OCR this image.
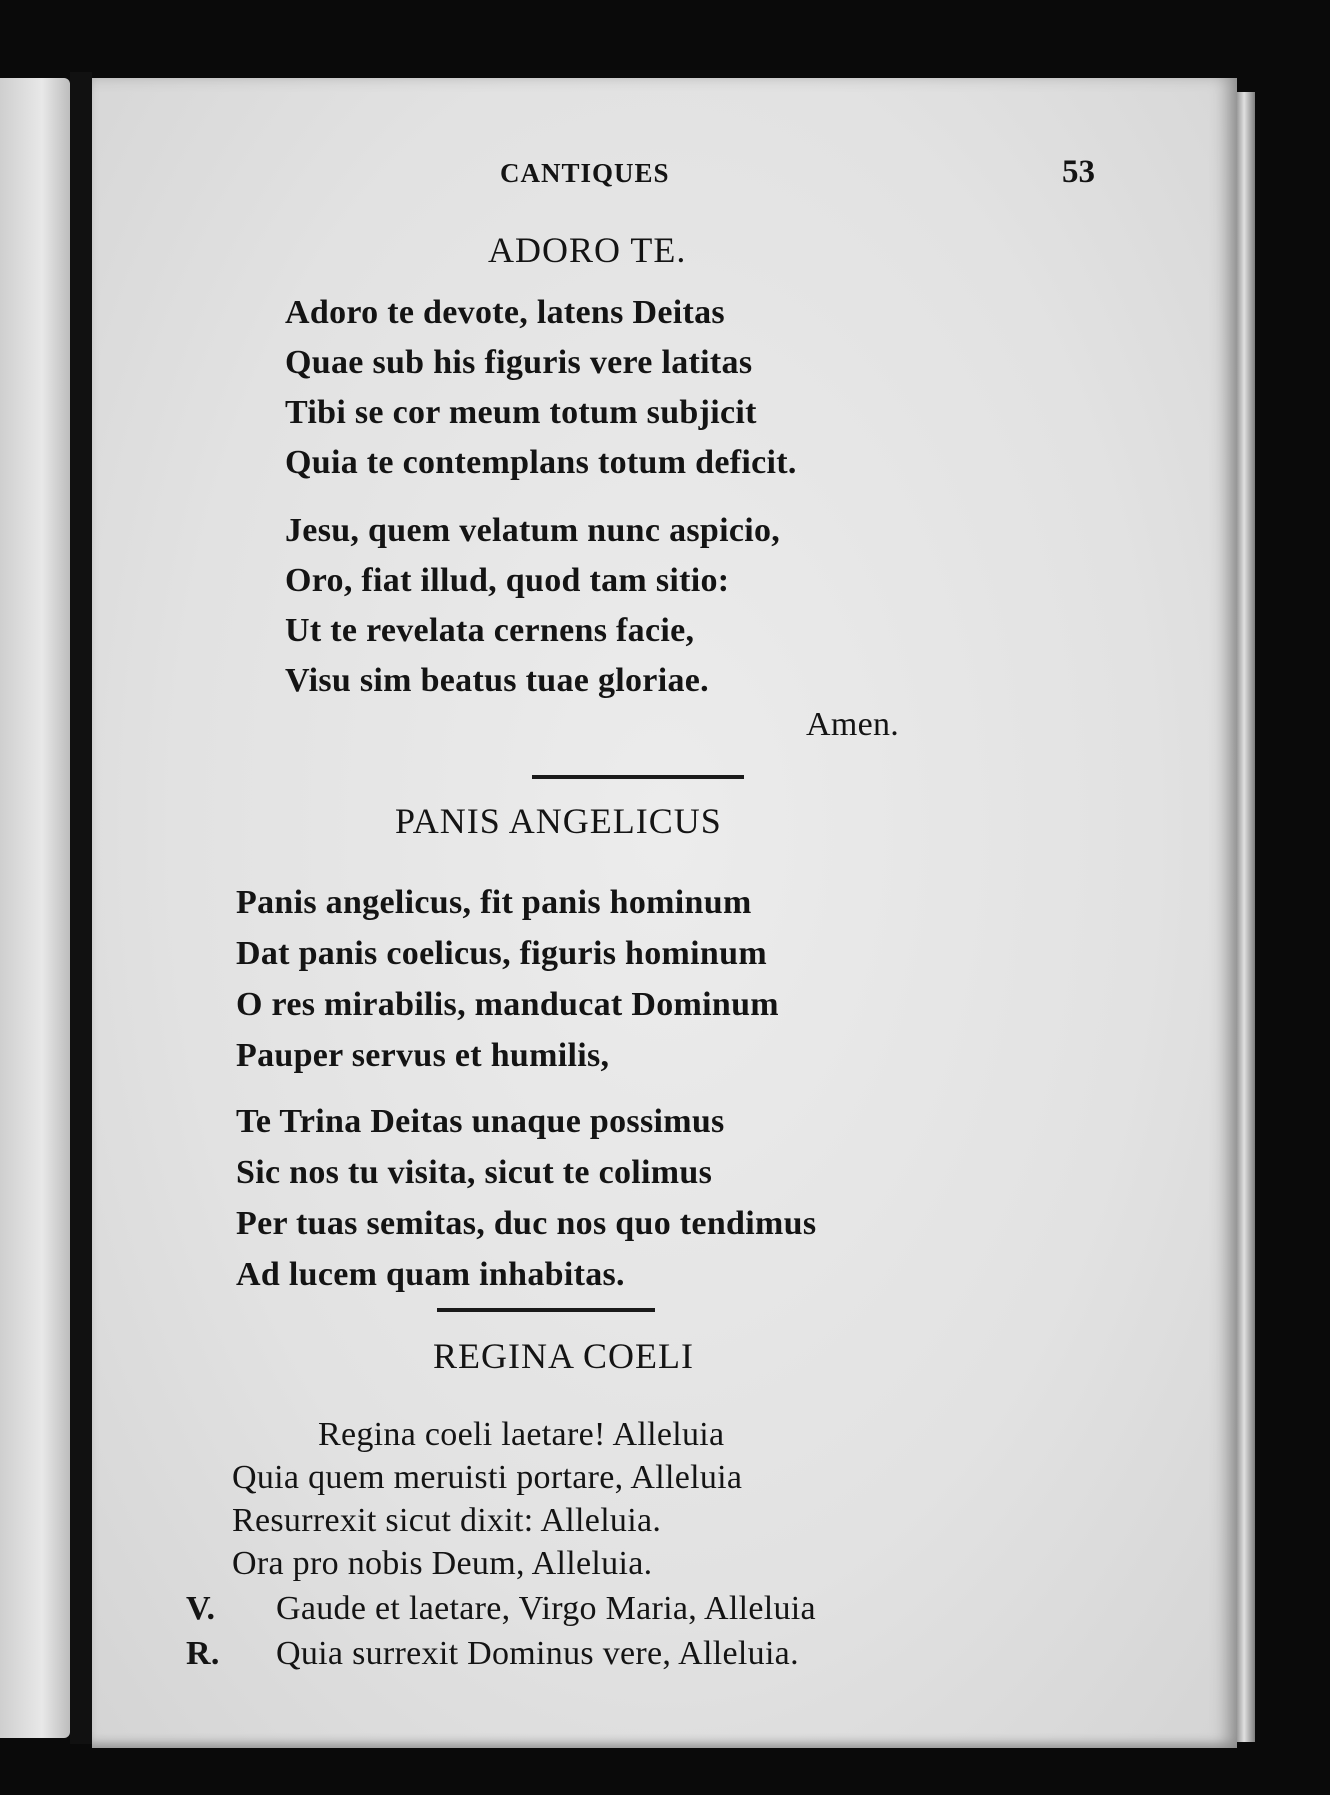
CANTIQUES	53
ADORO TE.
Adoro te devote, latens Deitas
Quae sub his figuris vere latitas
Tibi se cor meum totum subjicit
Quia te contemplans totum deficit.
Jesu, quem velatum nunc aspicio,
Oro, fiat illud, quod tam sitio:
Ut te revelata cernens facie,
Visu sim beatus tuae gloriae.
Amen.
PANIS ANGELICUS
Panis angelicus, fit panis hominum
Dat panis coelicus, figuris hominum
O res mirabilis, manducat Dominum
Pauper servus et humilis,
Te Trina Deitas unaque possimus
Sic nos tu visita, sicut te colimus
Per tuas semitas, duc nos quo tendimus
Ad lucem quam inhabitas.
REGINA COELI
Regina coeli laetare! Alleluia
Quia quem meruisti portare, Alleluia
Resurrexit sicut dixit: Alleluia.
Ora pro nobis Deum, Alleluia.
V. Gaude et laetare, Virgo Maria, Alleluia
R. Quia surrexit Dominus vere, Alleluia.
